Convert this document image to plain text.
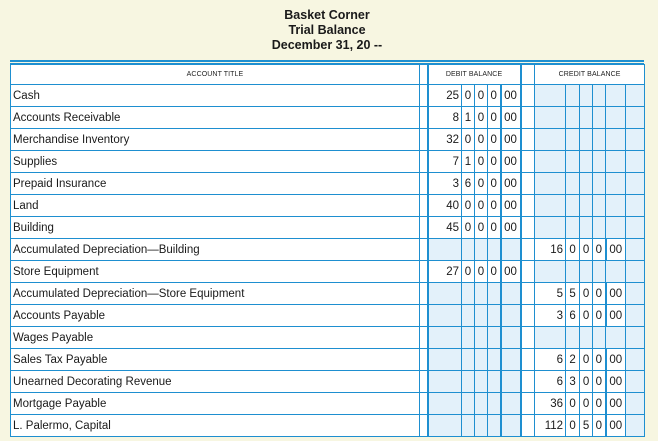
Basket Corner
Trial Balance
December 31, 20 --
ACCOUNT TITLE		DEBIT BALANCE						CREDIT BALANCE					
Cash		25	0	0	0	00							
Accounts Receivable		8	1	0	0	00							
Merchandise Inventory		32	0	0	0	00							
Supplies		7	1	0	0	00							
Prepaid Insurance		3	6	0	0	00							
Land		40	0	0	0	00							
Building		45	0	0	0	00							
Accumulated Depreciation—Building								16	0	0	0	00	
Store Equipment		27	0	0	0	00							
Accumulated Depreciation—Store Equipment								5	5	0	0	00	
Accounts Payable								3	6	0	0	00	
Wages Payable													
Sales Tax Payable								6	2	0	0	00	
Unearned Decorating Revenue								6	3	0	0	00	
Mortgage Payable								36	0	0	0	00	
L. Palermo, Capital								112	0	5	0	00	
